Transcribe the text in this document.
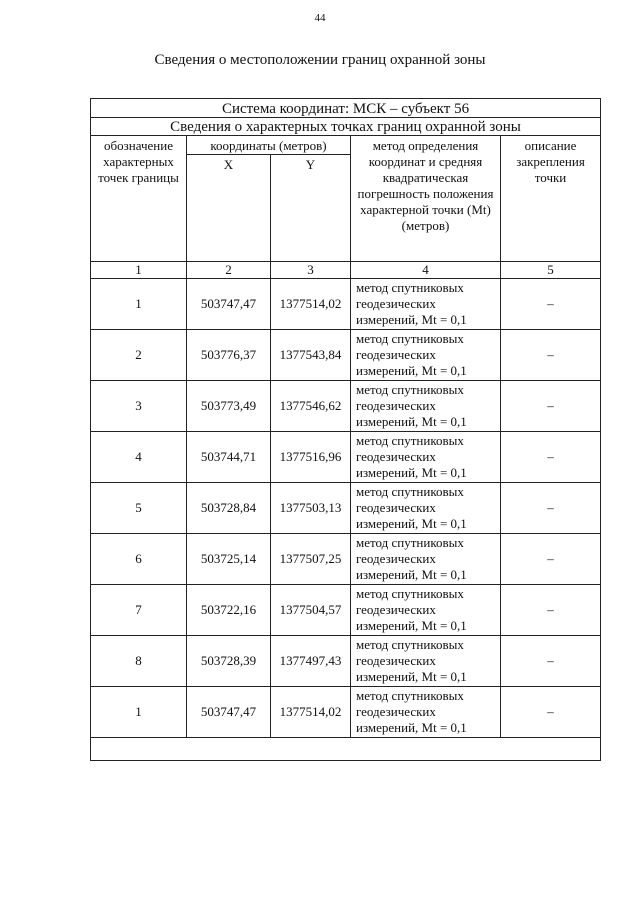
44
Сведения о местоположении границ охранной зоны
Система координат: МСК – субъект 56				
Сведения о характерных точках границ охранной зоны				
обозначение характерных точек границы	координаты (метров)		метод определения координат и средняя квадратическая погрешность положения характерной точки (Mt) (метров)	описание закрепления точки
	X	Y		
1	2	3	4	5
1	503747,47	1377514,02	метод спутниковых геодезических измерений, Mt = 0,1	–
2	503776,37	1377543,84	метод спутниковых геодезических измерений, Mt = 0,1	–
3	503773,49	1377546,62	метод спутниковых геодезических измерений, Mt = 0,1	–
4	503744,71	1377516,96	метод спутниковых геодезических измерений, Mt = 0,1	–
5	503728,84	1377503,13	метод спутниковых геодезических измерений, Mt = 0,1	–
6	503725,14	1377507,25	метод спутниковых геодезических измерений, Mt = 0,1	–
7	503722,16	1377504,57	метод спутниковых геодезических измерений, Mt = 0,1	–
8	503728,39	1377497,43	метод спутниковых геодезических измерений, Mt = 0,1	–
1	503747,47	1377514,02	метод спутниковых геодезических измерений, Mt = 0,1	–
